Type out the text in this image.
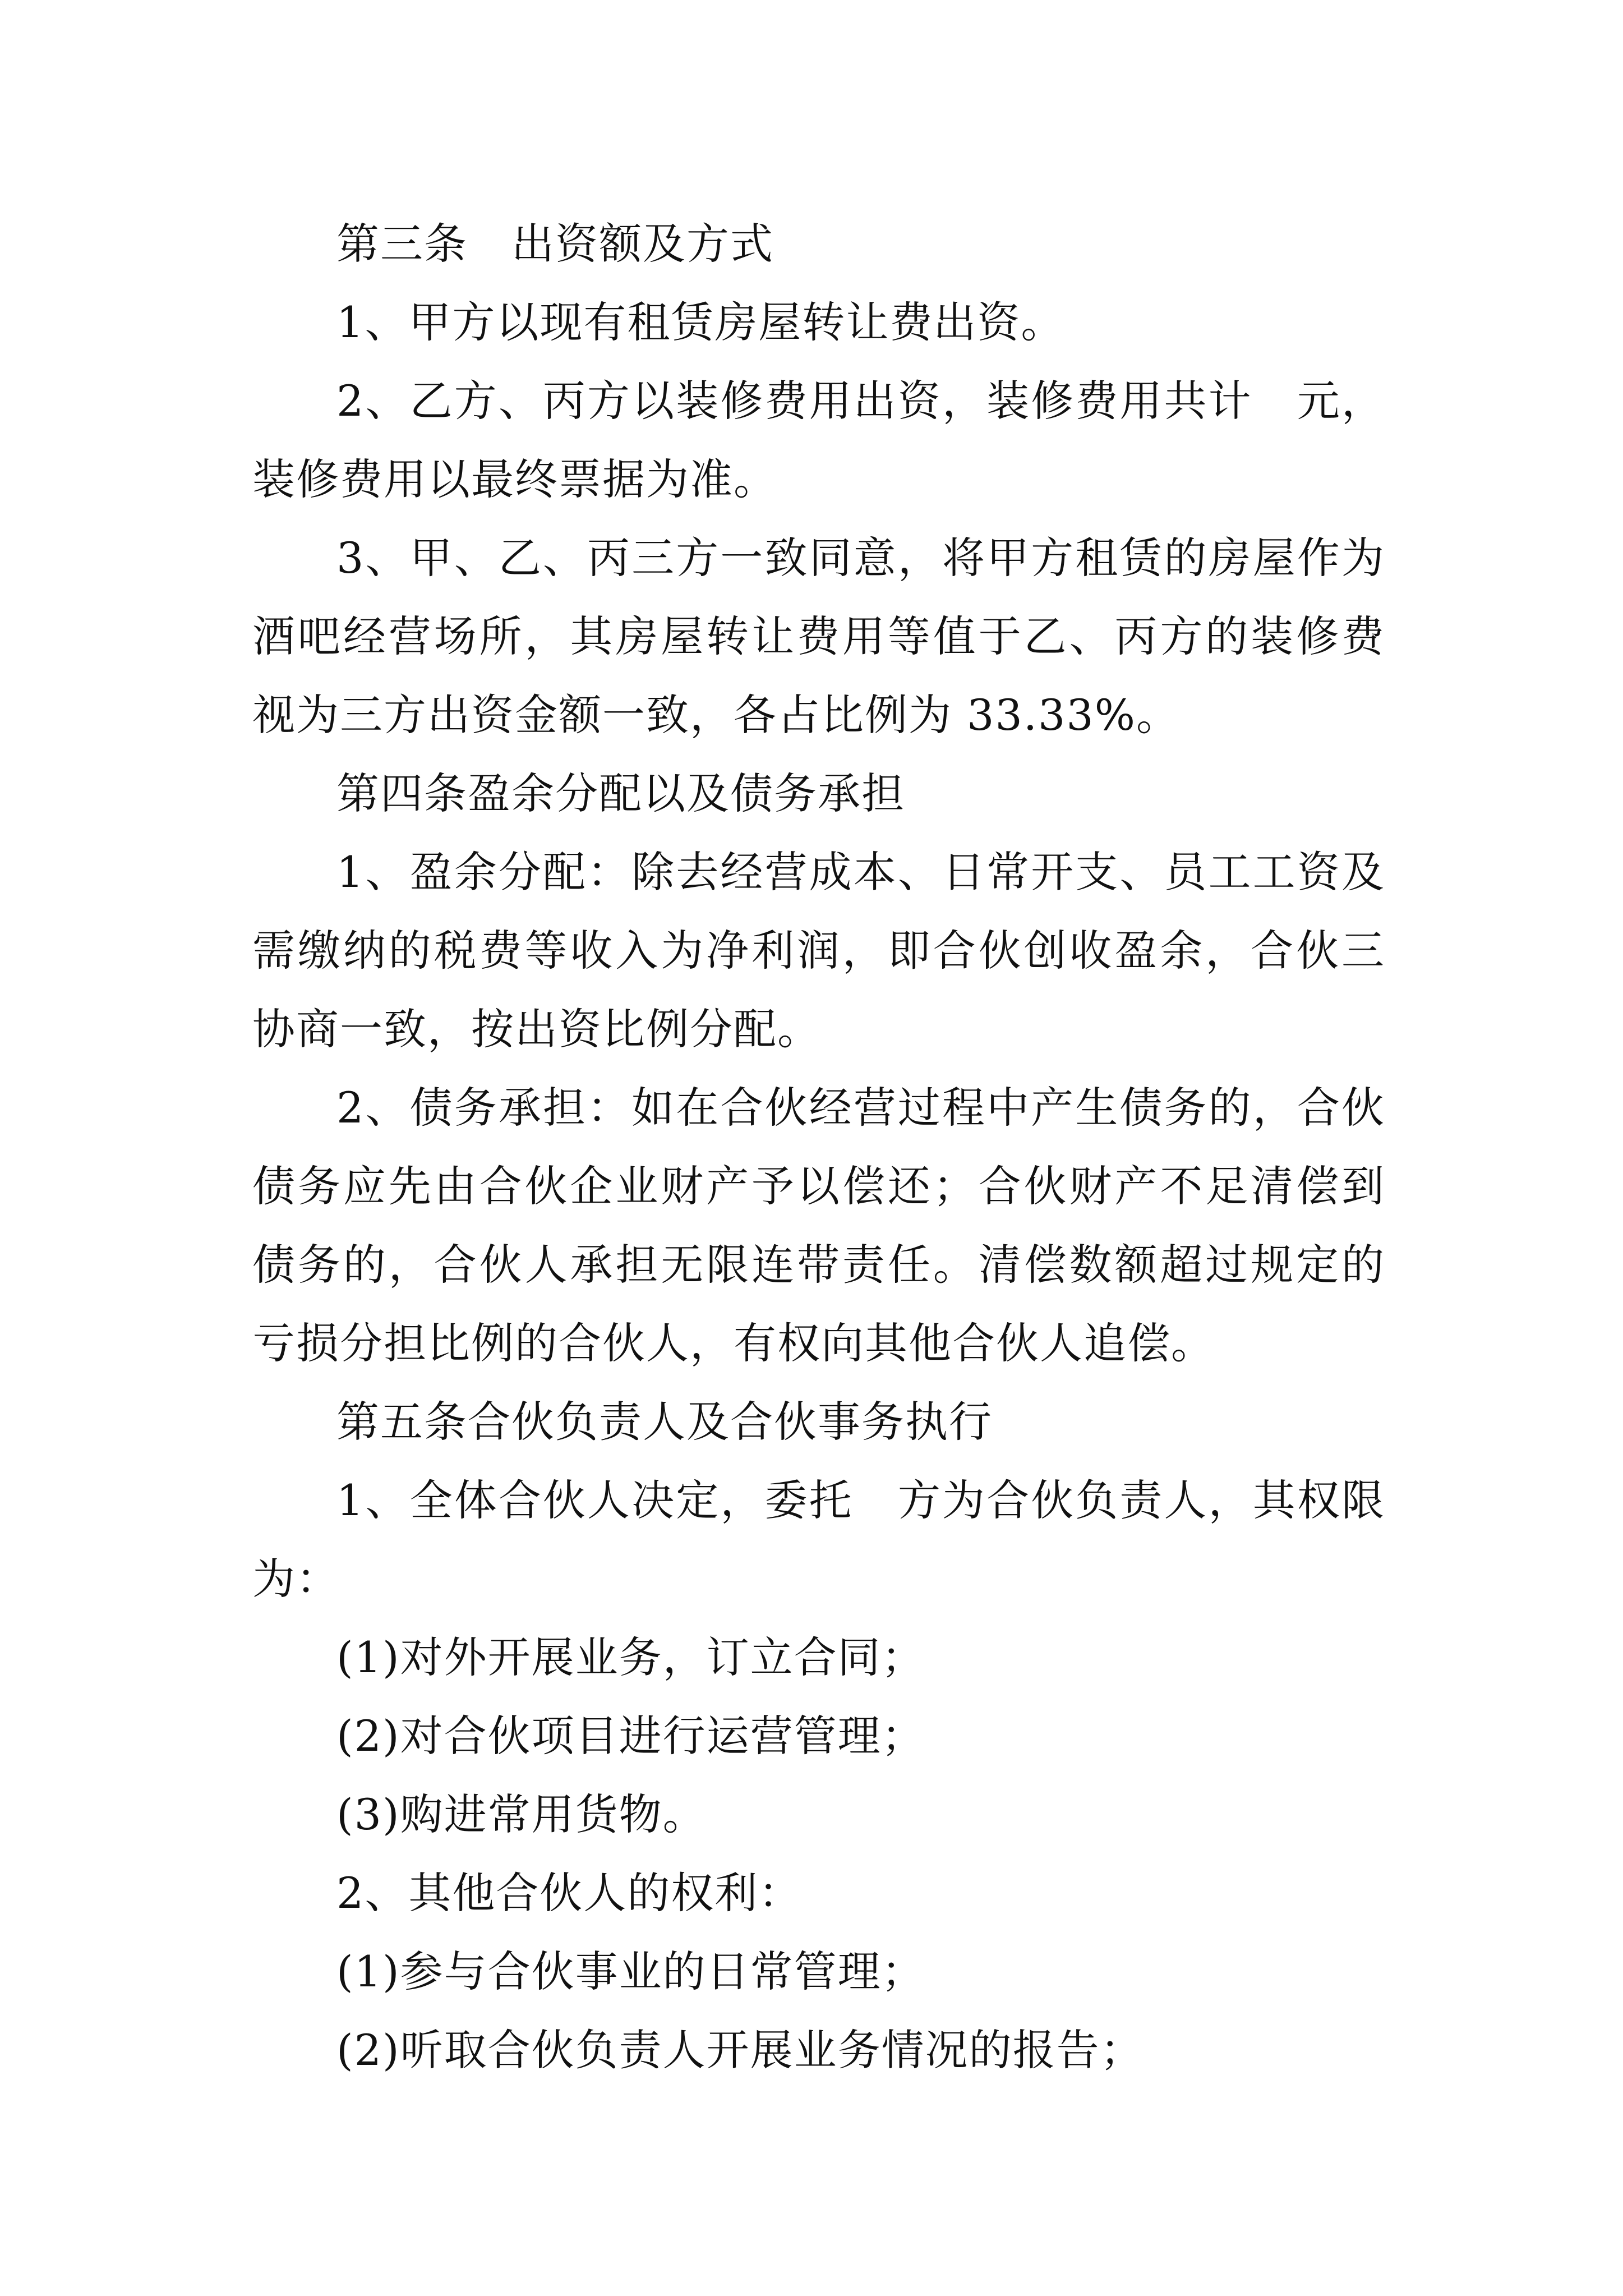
第三条　出资额及方式
1、甲方以现有租赁房屋转让费出资。
2、乙方、丙方以装修费用出资，装修费用共计　元，
装修费用以最终票据为准。
3、甲、乙、丙三方一致同意，将甲方租赁的房屋作为
酒吧经营场所，其房屋转让费用等值于乙、丙方的装修费
视为三方出资金额一致，各占比例为 33.33%。
第四条盈余分配以及债务承担
1、盈余分配：除去经营成本、日常开支、员工工资及
需缴纳的税费等收入为净利润，即合伙创收盈余，合伙三
协商一致，按出资比例分配。
2、债务承担：如在合伙经营过程中产生债务的，合伙
债务应先由合伙企业财产予以偿还；合伙财产不足清偿到
债务的，合伙人承担无限连带责任。清偿数额超过规定的
亏损分担比例的合伙人，有权向其他合伙人追偿。
第五条合伙负责人及合伙事务执行
1、全体合伙人决定，委托　方为合伙负责人，其权限
为：
(1)对外开展业务，订立合同；
(2)对合伙项目进行运营管理；
(3)购进常用货物。
2、其他合伙人的权利：
(1)参与合伙事业的日常管理；
(2)听取合伙负责人开展业务情况的报告；
